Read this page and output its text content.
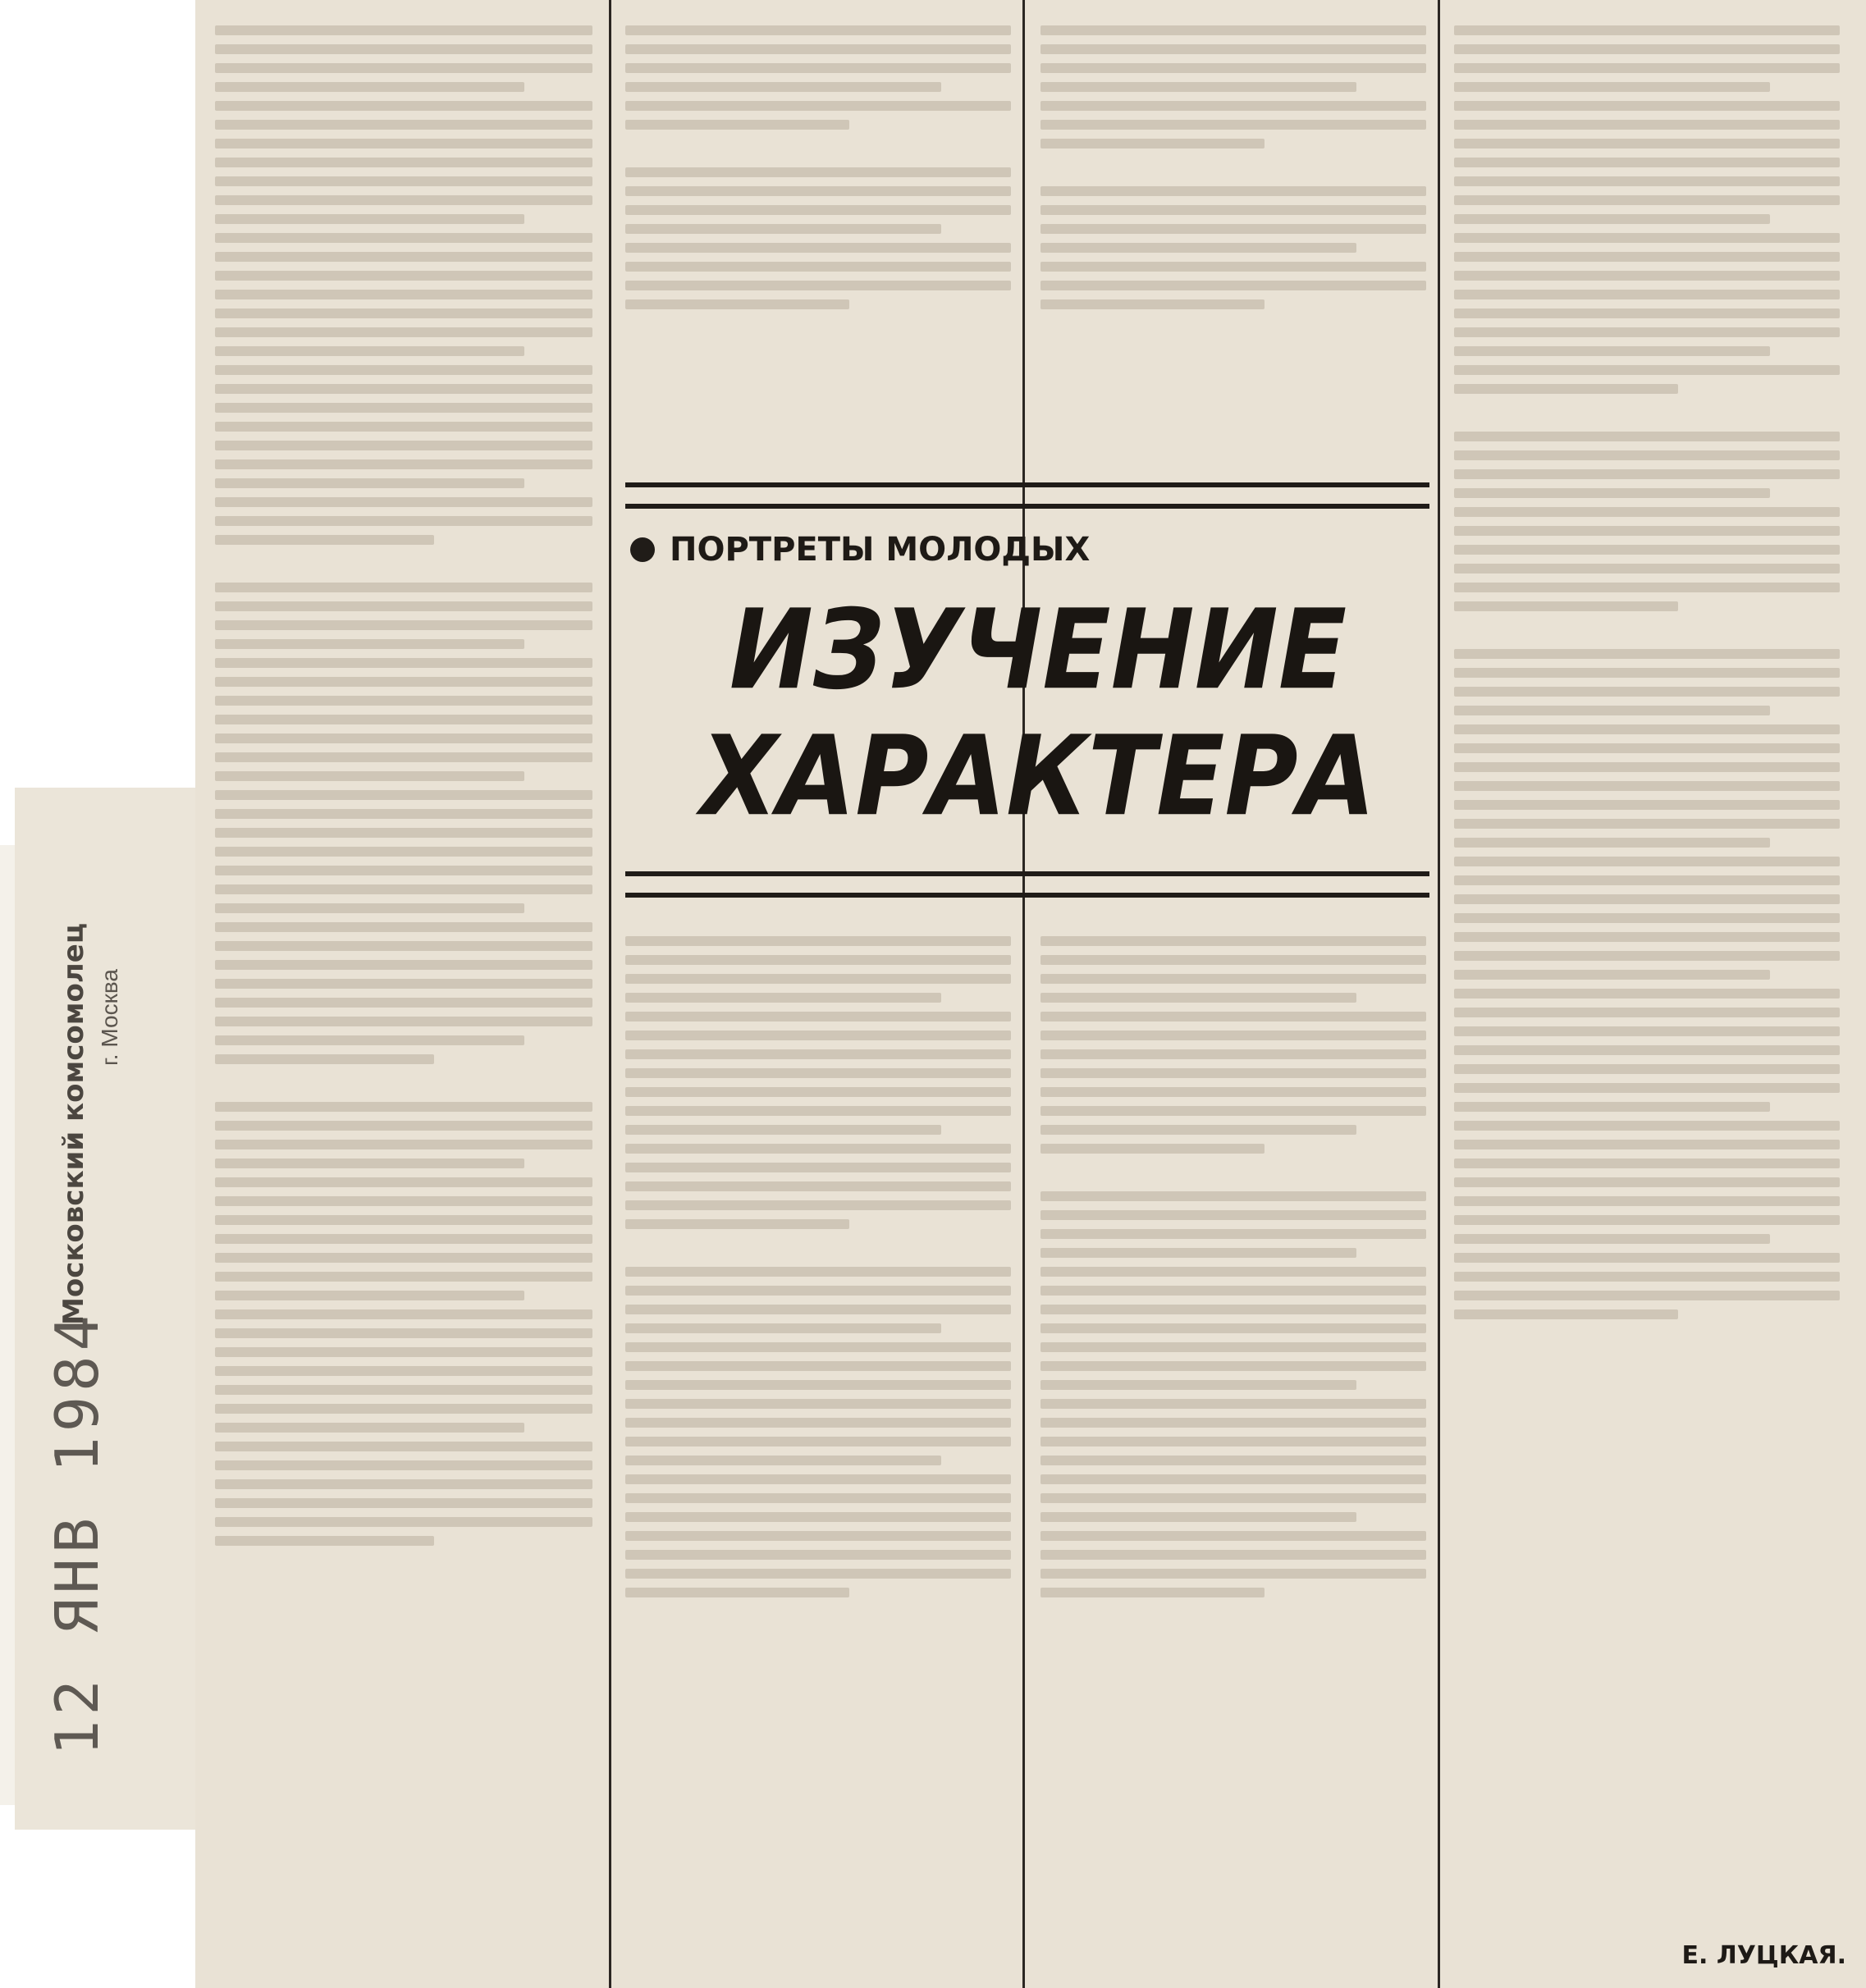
Московский комсомолец г. Москва
12 ЯНВ 1984
ПОРТРЕТЫ МОЛОДЫХ
ИЗУЧЕНИЕ
ХАРАКТЕРА
Е. ЛУЦКАЯ.
